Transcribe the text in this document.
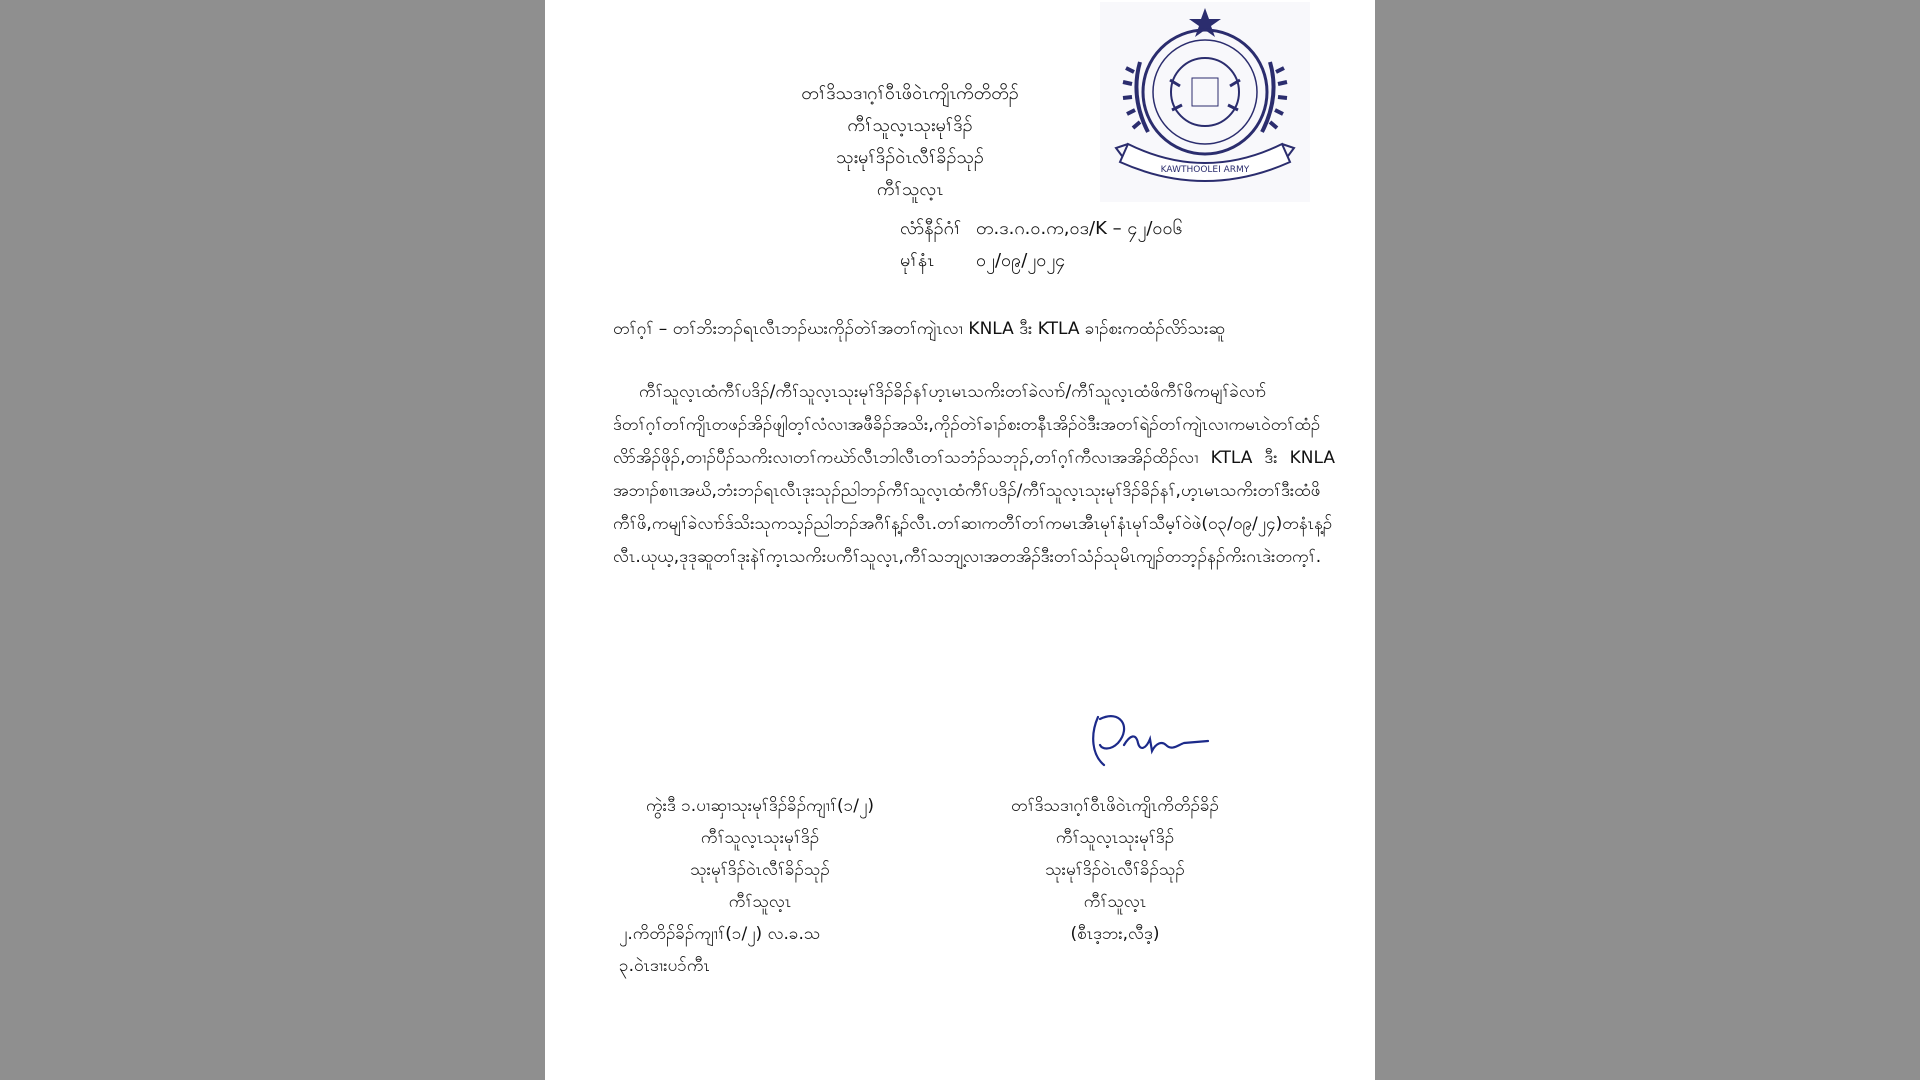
KAWTHOOLEI ARMY
တၢ်ဒိသဒၢဂ့ၢ်ဝီၤဖိဝဲၤကျိၤကိတိတိၣ်
ကီၢ်သူလ့ၤသုးမုၢ်ဒိၣ်
သုးမုၢ်ဒိၣ်ဝဲၤလီၢ်ခိၣ်သုၣ်
ကီၢ်သူလ့ၤ
လံာ်နီၣ်ဂံၢ် တ.ဒ.ဂ.ဝ.က,၀ဒ/K – ၄၂/၀၀၆
မုၢ်နံၤ	၀၂/၀၉/၂၀၂၄
တၢ်ဂ့ၢ် – တၢ်ဘိးဘၣ်ရၤလီၤဘၣ်ဃးကိုၣ်တဲၢ်အတၢ်ကျဲၤလၢ KNLA ဒီး KTLA ခၢၣ်စးကထံၣ်လိာ်သးဆူ

ကီၢ်သူလ့ၤထံကီၢ်ပဒိၣ်/ကီၢ်သူလ့ၤသုးမုၢ်ဒိၣ်ခိၣ်နၢ်ဟ့ၤမၤသကိးတၢ်ခဲလၢာ်/ကီၢ်သူလ့ၤထံဖိကီၢ်ဖိကမျၢ်ခဲလၢာ်

ဒ်တၢ်ဂ့ၢ်တၢ်ကျိၤတဖၣ်အိၣ်ဖျါတ့ၢ်လံလၢအဖီခိၣ်အသိး,ကိုၣ်တဲၢ်ခၢၣ်စးတနီၤအိၣ်ဝဲဒီးအတၢ်ရဲၣ်တၢ်ကျဲၤလၢကမၤဝဲတၢ်ထံၣ်လိာ်အိၣ်ဖိုၣ်,တၢၣ်ပီၣ်သကိးလၢတၢ်ကဃဲာ်လီၤဘါလီၤတၢ်သဘံၣ်သဘုၣ်,တၢ်ဂ့ၢ်ကီလၢအအိၣ်ထိၣ်လၢ KTLA ဒီး KNLA အဘၢၣ်စၢၤအဃိ,ဘံးဘၣ်ရၤလီၤဒုးသုၣ်ညါဘၣ်ကီၢ်သူလ့ၤထံကီၢ်ပဒိၣ်/ကီၢ်သူလ့ၤသုးမုၢ်ဒိၣ်ခိၣ်နၢ်,ဟ့ၤမၤသကိးတၢ်ဒီးထံဖိကီၢ်ဖိ,ကမျၢ်ခဲလၢာ်ဒ်သိးသုကသ့ၣ်ညါဘၣ်အဂီၢ်န့ၣ်လီၤ.တၢ်ဆၢကတီၢ်တၢ်ကမၤအီၤမုၢ်နံၤမုၢ်သီမ့ၢ်ဝဲဖဲ(၀၃/၀၉/၂၄)တနံၤန့ၣ်လီၤ.ယုယ့,ဒုဒုဆူတၢ်ဒုးနဲၢ်က့ၤသကိးပကီၢ်သူလ့ၤ,ကီၢ်သဘျ့လၢအတအိၣ်ဒီးတၢ်သံၣ်သုမိၤကျၣ်တဘ့ၣ်နၣ်ကိးဂၤဒဲးတက့ၢ်.

ကွဲးဒီ ၁.ပၢဆှၢသုးမုၢ်ဒိၣ်ခိၣ်ကျၢၢ်(၁/၂)
ကီၢ်သူလ့ၤသုးမုၢ်ဒိၣ်
သုးမုၢ်ဒိၣ်ဝဲၤလီၢ်ခိၣ်သုၣ်
ကီၢ်သူလ့ၤ
၂.ကိတိၣ်ခိၣ်ကျၢၢ်(၁/၂) လ.ခ.သ
၃.ဝဲၤဒၢးပၥ်ကီၤ
တၢ်ဒိသဒၢဂ့ၢ်ဝီၤဖိဝဲၤကျိၤကိတိၣ်ခိၣ်
ကီၢ်သူလ့ၤသုးမုၢ်ဒိၣ်
သုးမုၢ်ဒိၣ်ဝဲၤလီၢ်ခိၣ်သုၣ်
ကီၢ်သူလ့ၤ
(စီၤဒ့ဘး,လီဒ့)
